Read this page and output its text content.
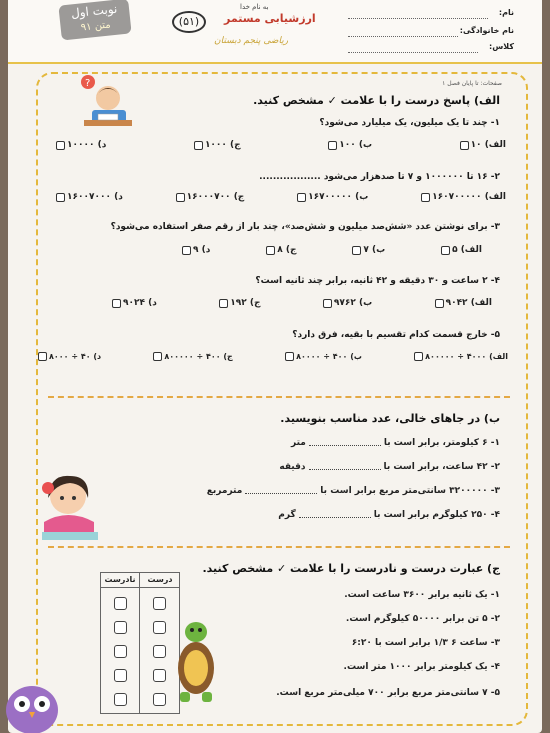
نوبت اول
متن ۹۱	(۵۱)
به نام خدا
ارزشیابی مستمر
ریاضی پنجم دبستان
نام:
نام خانوادگی:
کلاس:
صفحات: تا پایان فصل ۱
?
الف) پاسخ درست را با علامت ✓ مشخص کنید.
۱- چند تا یک میلیون، یک میلیارد می‌شود؟
الف) ۱۰
ب) ۱۰۰
ج) ۱۰۰۰
د) ۱۰۰۰۰
۲- ۱۶ تا ۱۰۰۰۰۰۰ و ۷ تا صدهزار می‌شود ..................
الف) ۱۶۰۷۰۰۰۰۰
ب) ۱۶۷۰۰۰۰۰
ج) ۱۶۰۰۰۷۰۰
د) ۱۶۰۰۷۰۰۰
۳- برای نوشتن عدد «شش‌صد میلیون و شش‌صد»، چند بار از رقم صفر استفاده می‌شود؟
الف) ۵
ب) ۷
ج) ۸
د) ۹
۴- ۲ ساعت و ۳۰ دقیقه و ۴۲ ثانیه، برابر چند ثانیه است؟
الف) ۹۰۴۲
ب) ۹۷۶۲
ج) ۱۹۲
د) ۹۰۲۴
۵- خارج قسمت کدام تقسیم با بقیه، فرق دارد؟
الف) ۴۰۰۰ ÷ ۸۰۰۰۰۰
ب) ۴۰۰ ÷ ۸۰۰۰۰
ج) ۴۰۰ ÷ ۸۰۰۰۰۰
د) ۴۰ ÷ ۸۰۰۰
ب) در جاهای خالی، عدد مناسب بنویسید.
۱- ۶ کیلومتر، برابر است بامتر
۲- ۴۲ ساعت، برابر است بادقیقه
۳- ۳۲۰۰۰۰۰ سانتی‌متر مربع برابر است بامترمربع
۴- ۲۵۰ کیلوگرم برابر است باگرم
ج) عبارت درست و نادرست را با علامت ✓ مشخص کنید.
۱- یک ثانیه برابر ۳۶۰۰ ساعت است.
۲- ۵ تن برابر ۵۰۰۰۰ کیلوگرم است.
۳- ساعت ۶ ۱/۳ برابر است با ۶:۲۰
۴- یک کیلومتر برابر ۱۰۰۰ متر است.
۵- ۷ سانتی‌متر مربع برابر ۷۰۰ میلی‌متر مربع است.
نادرست	درست
